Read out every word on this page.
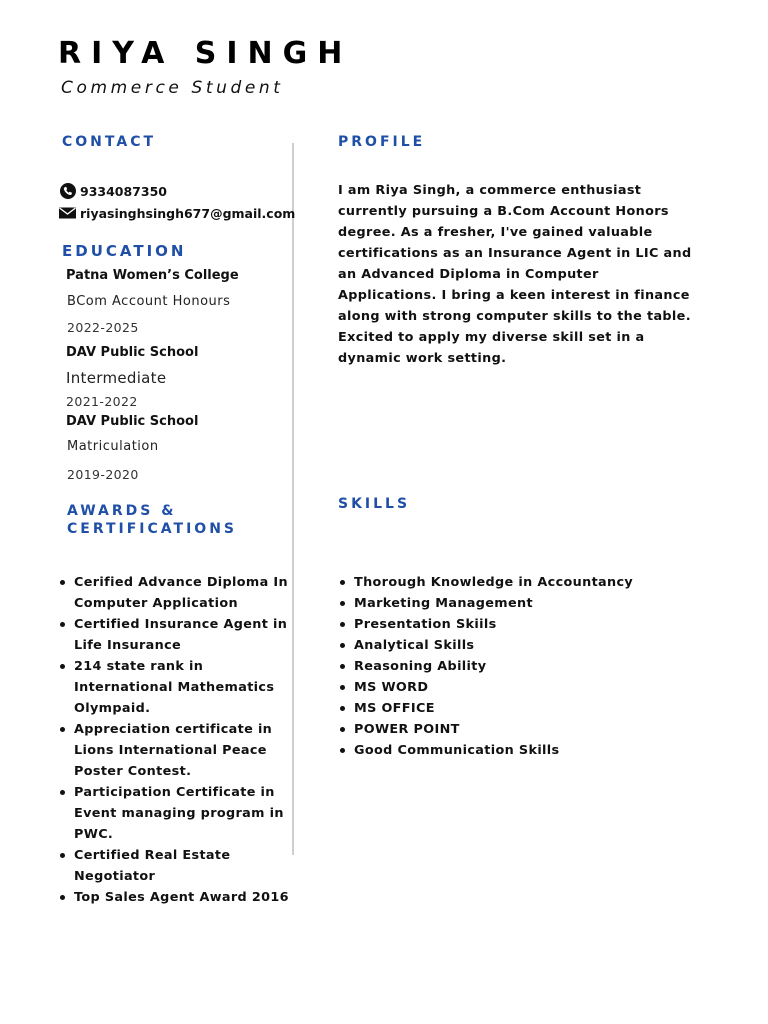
RIYA SINGH
Commerce Student
CONTACT
9334087350
riyasinghsingh677@gmail.com
EDUCATION
Patna Women’s College
BCom Account Honours
2022-2025
DAV Public School
Intermediate
2021-2022
DAV Public School
Matriculation
2019-2020
AWARDS &
CERTIFICATIONS
Cerified Advance Diploma In Computer Application
Certified Insurance Agent in Life Insurance
214 state rank in International Mathematics Olympaid.
Appreciation certificate in Lions International Peace Poster Contest.
Participation Certificate in Event managing program in PWC.
Certified Real Estate Negotiator
Top Sales Agent Award 2016
PROFILE
I am Riya Singh, a commerce enthusiast currently pursuing a B.Com Account Honors degree. As a fresher, I've gained valuable certifications as an Insurance Agent in LIC and an Advanced Diploma in Computer Applications. I bring a keen interest in finance along with strong computer skills to the table. Excited to apply my diverse skill set in a dynamic work setting.
SKILLS
Thorough Knowledge in Accountancy
Marketing Management
Presentation Skiils
Analytical Skills
Reasoning Ability
MS WORD
MS OFFICE
POWER POINT
Good Communication Skills
